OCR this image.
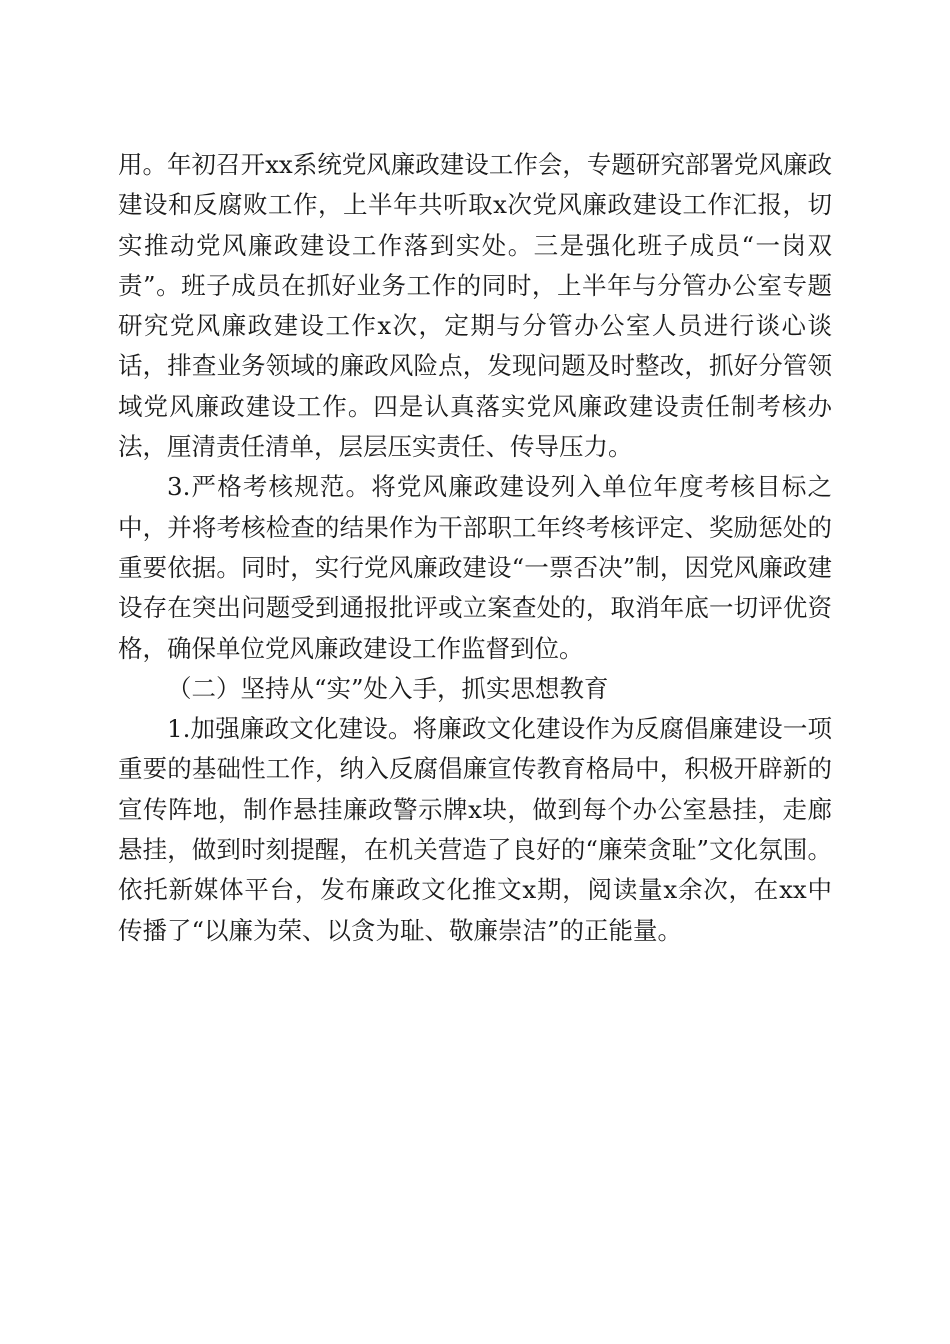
用。年初召开xx系统党风廉政建设工作会，专题研究部署党风廉政建设和反腐败工作，上半年共听取x次党风廉政建设工作汇报，切实推动党风廉政建设工作落到实处。三是强化班子成员“一岗双责”。班子成员在抓好业务工作的同时，上半年与分管办公室专题研究党风廉政建设工作x次，定期与分管办公室人员进行谈心谈话，排查业务领域的廉政风险点，发现问题及时整改，抓好分管领域党风廉政建设工作。四是认真落实党风廉政建设责任制考核办法，厘清责任清单，层层压实责任、传导压力。

3.严格考核规范。将党风廉政建设列入单位年度考核目标之中，并将考核检查的结果作为干部职工年终考核评定、奖励惩处的重要依据。同时，实行党风廉政建设“一票否决”制，因党风廉政建设存在突出问题受到通报批评或立案查处的，取消年底一切评优资格，确保单位党风廉政建设工作监督到位。

（二）坚持从“实”处入手，抓实思想教育

1.加强廉政文化建设。将廉政文化建设作为反腐倡廉建设一项重要的基础性工作，纳入反腐倡廉宣传教育格局中，积极开辟新的宣传阵地，制作悬挂廉政警示牌x块，做到每个办公室悬挂，走廊悬挂，做到时刻提醒，在机关营造了良好的“廉荣贪耻”文化氛围。依托新媒体平台，发布廉政文化推文x期，阅读量x余次，在xx中传播了“以廉为荣、以贪为耻、敬廉崇洁”的正能量。
